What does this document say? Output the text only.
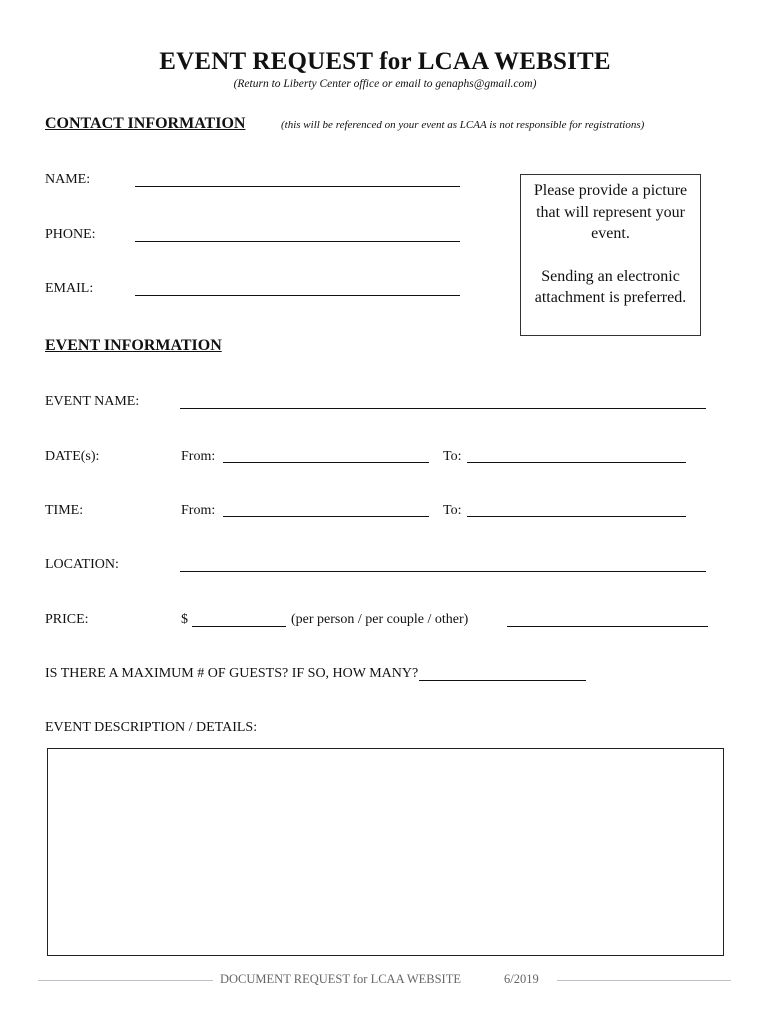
EVENT REQUEST for LCAA WEBSITE
(Return to Liberty Center office or email to genaphs@gmail.com)
CONTACT INFORMATION	(this will be referenced on your event as LCAA is not responsible for registrations)
NAME:
PHONE:
EMAIL:

Please provide a picture that will represent your event.

Sending an electronic attachment is preferred.

EVENT INFORMATION
EVENT NAME:
DATE(s):	From:	To:
TIME:	From:	To:
LOCATION:
PRICE:	$	(per person / per couple / other)
IS THERE A MAXIMUM # OF GUESTS? IF SO, HOW MANY?
EVENT DESCRIPTION / DETAILS:
DOCUMENT REQUEST for LCAA WEBSITE	6/2019
